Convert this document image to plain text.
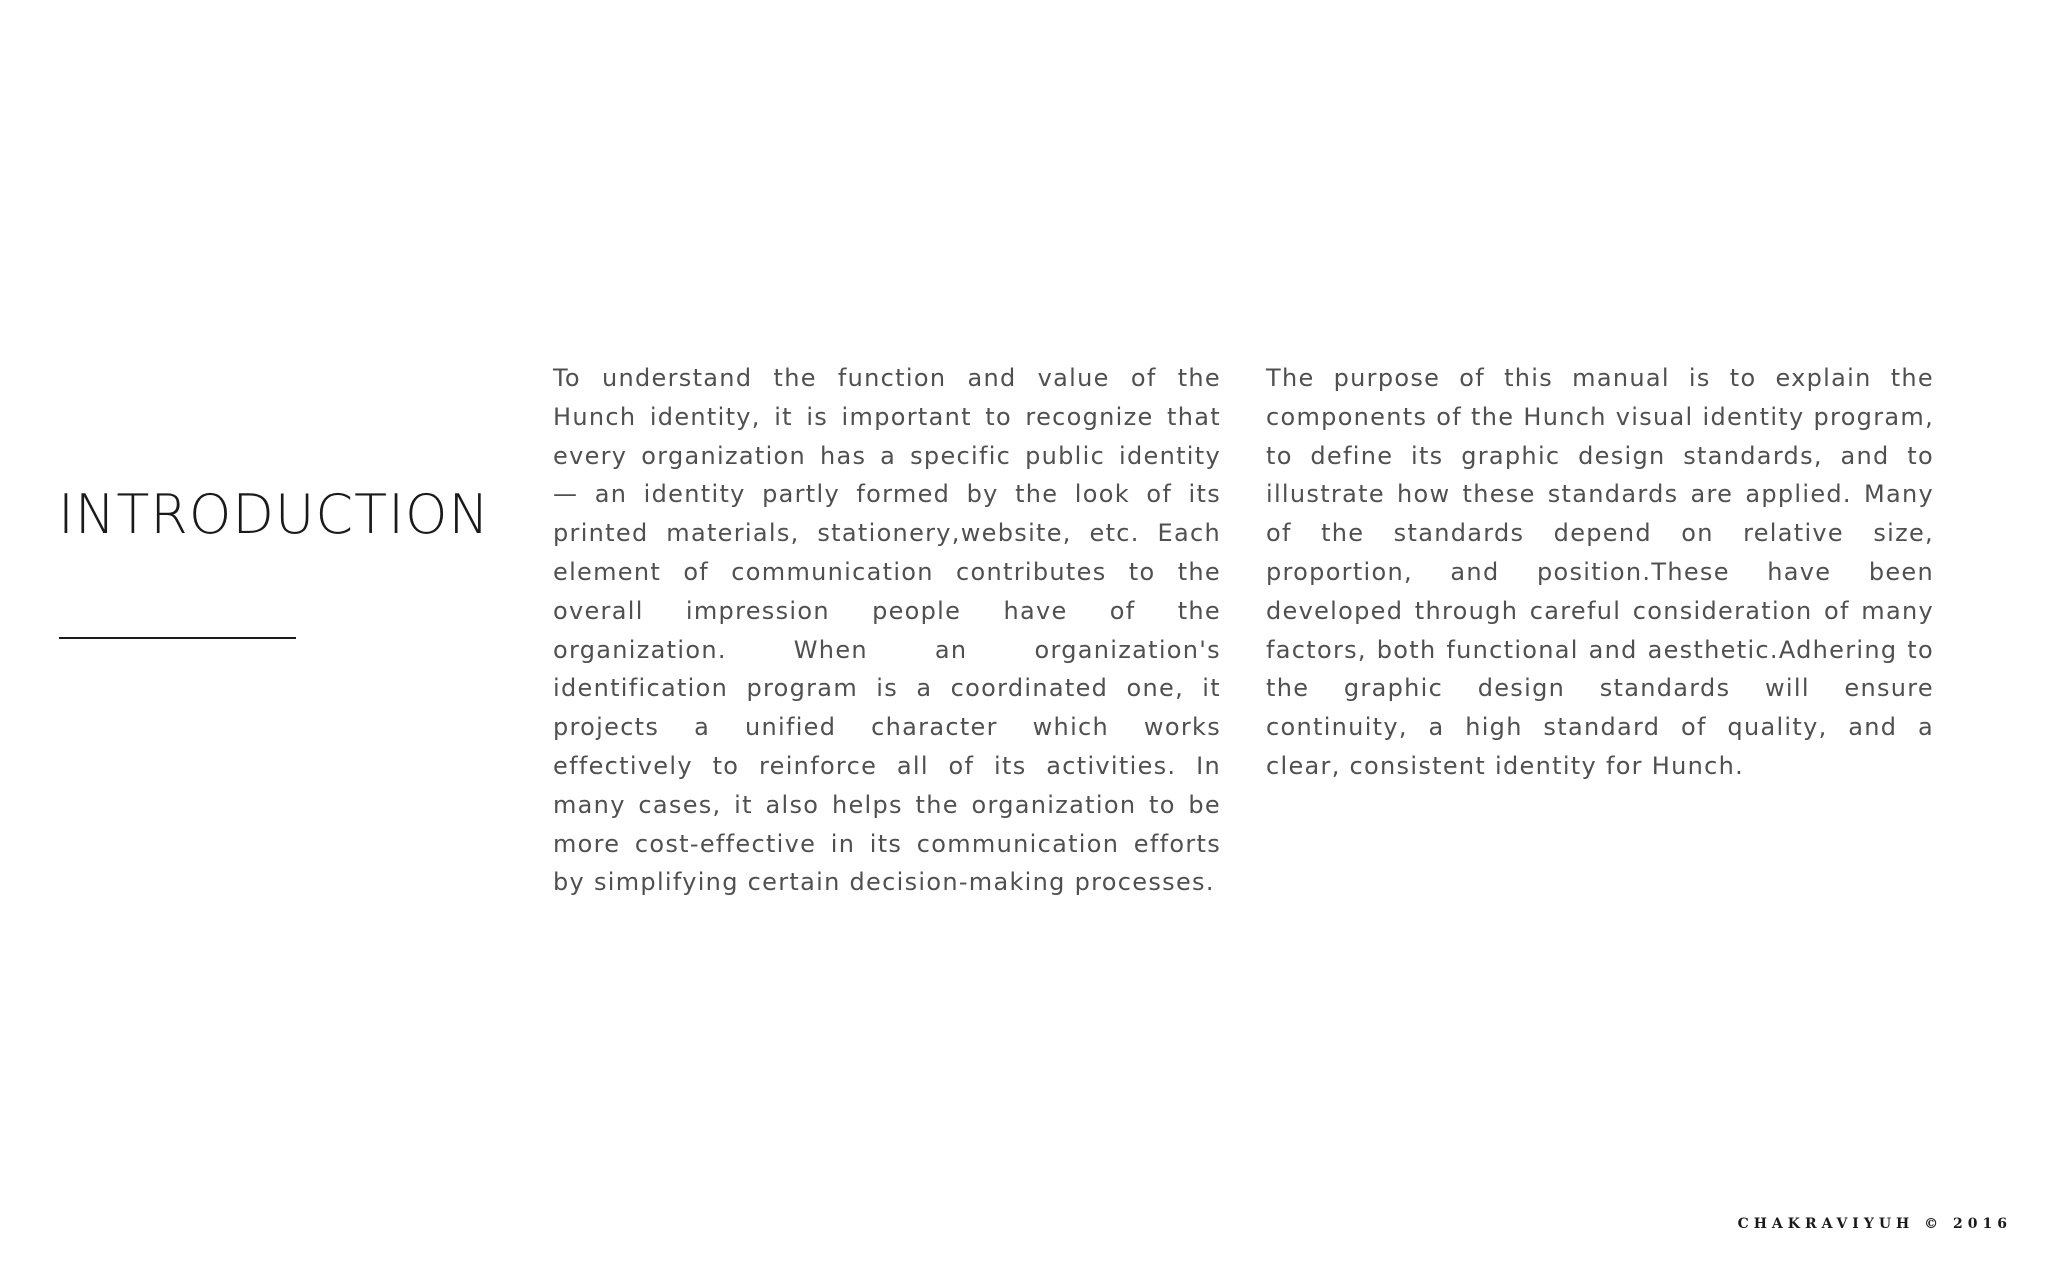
INTRODUCTION

To understand the function and value of the Hunch identity, it is important to recognize that every organization has a specific public identity — an identity partly formed by the look of its printed materials, stationery,website, etc. Each element of communication contributes to the overall impression people have of the organization. When an organization's identification program is a coordinated one, it projects a unified character which works effectively to reinforce all of its activities. In many cases, it also helps the organization to be more cost-effective in its communication efforts by simplifying certain decision-making processes.

The purpose of this manual is to explain the components of the Hunch visual identity program, to define its graphic design standards, and to illustrate how these standards are applied. Many of the standards depend on relative size, proportion, and position.These have been developed through careful consideration of many factors, both functional and aesthetic.Adhering to the graphic design standards will ensure continuity, a high standard of quality, and a clear, consistent identity for Hunch.

CHAKRAVIYUH © 2016
